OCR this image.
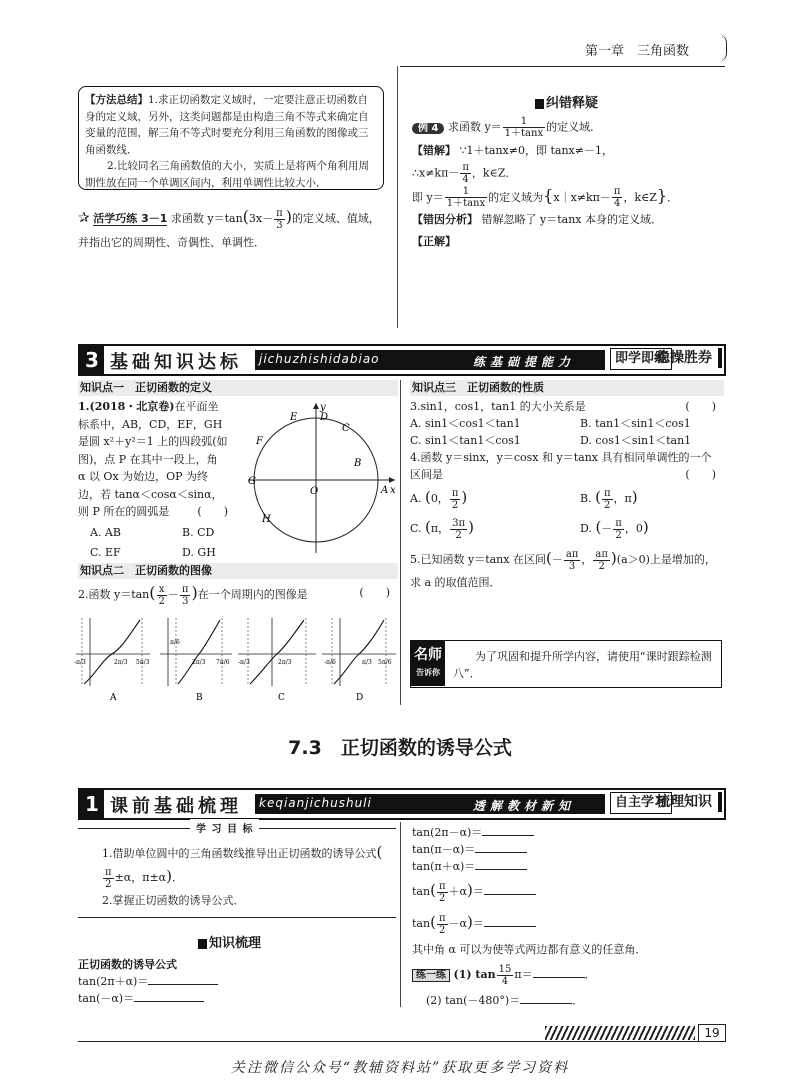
第一章　三角函数
【方法总结】1.求正切函数定义域时，一定要注意正切函数自身的定义域，另外，这类问题都是由构造三角不等式来确定自变量的范围，解三角不等式时要充分利用三角函数的图像或三角函数线．
2.比较同名三角函数值的大小，实质上是将两个角利用周期性放在同一个单调区间内，利用单调性比较大小．
✰ 活学巧练 3－1 求函数 $y=\tan(3x- \frac{\pi}{3}$ )的定义域、值域，并指出它的周期性、奇偶性、单调性．
纠错释疑
例 4 求函数 $y= \frac{1}{1+\tan x}$ 的定义域．
【错解】 ∵1＋tanx≠0，即 tanx≠－1，
∴x≠kπ－ $\frac{\pi}{4}$ ，k∈Z．
即 $y= \frac{1}{1+\tan x}$ 的定义域为{x｜x≠kπ－ $\frac{\pi}{4}$ ，k∈Z}．
【错因分析】 错解忽略了 y＝tanx 本身的定义域．
【正解】
3 基础知识达标 jichuzhishidabiao	练基础提能力	即学即练
稳操胜券
知识点一　正切函数的定义
1.(2018・北京卷)在平面坐标系中，AB，CD，EF，GH是圆 x²＋y²＝1 上的四段弧(如图)，点 P 在其中一段上，角 α 以 Ox 为始边，OP 为终边，若 tanα＜cosα＜sinα，则 P 所在的圆弧是	(　　)
A. AB	B. CD
C. EF	D. GH
y
x
O	A
B
C
D
E
F
G
H
知识点二　正切函数的图像
2.函数 $y=\tan( \frac{x}{2} - \frac{\pi}{3}$ )在一个周期内的图像是	(　　)
-π/3	2π/3 5π/3
A
π/6
2π/3 7π/6
B
-π/3	2π/3
C
-π/6	π/3 5π/6
D
知识点三　正切函数的性质
3.sin1，cos1，tan1 的大小关系是	(　　)
A. sin1＜cos1＜tan1	B. tan1＜sin1＜cos1
C. sin1＜tan1＜cos1	D. cos1＜sin1＜tan1
4.函数 y＝sinx，y＝cosx 和 y＝tanx 具有相同单调性的一个区间是	(　　)
A. (0， $\frac{\pi}{2}$ )	B. ( $\frac{\pi}{2}$ ，π)
C. (π， $\frac{3\pi}{2}$ )	D. (－ $\frac{\pi}{2}$ ，0)
5.已知函数 y＝tanx 在区间(－ $\frac{a\pi}{3}$ ， $\frac{a\pi}{2} )(a>0)$上是增加的，求 a 的取值范围．
名师
告诉你
为了巩固和提升所学内容，请使用“课时跟踪检测八”．
7.3　正切函数的诱导公式
1 课前基础梳理 keqianjichushuli	透解教材新知	自主学习
梳理知识
学 习 目 标
1.借助单位圆中的三角函数线推导出正切函数的诱导公式(
$\frac{\pi}{2} \pm\alpha$，π±α)．
2.掌握正切函数的诱导公式．
知识梳理
正切函数的诱导公式
tan(2π＋α)＝
tan(－α)＝
tan(2π－α)＝
tan(π－α)＝
tan(π＋α)＝
$\tan( \frac{\pi}{2} +\alpha)=$
$\tan( \frac{\pi}{2} -\alpha)=$
其中角 α 可以为使等式两边都有意义的任意角．
练一练 (1) $\tan \frac{15}{4} \pi=$	．
(2) tan(－480°)＝	．
19
关注微信公众号“教辅资料站”获取更多学习资料
